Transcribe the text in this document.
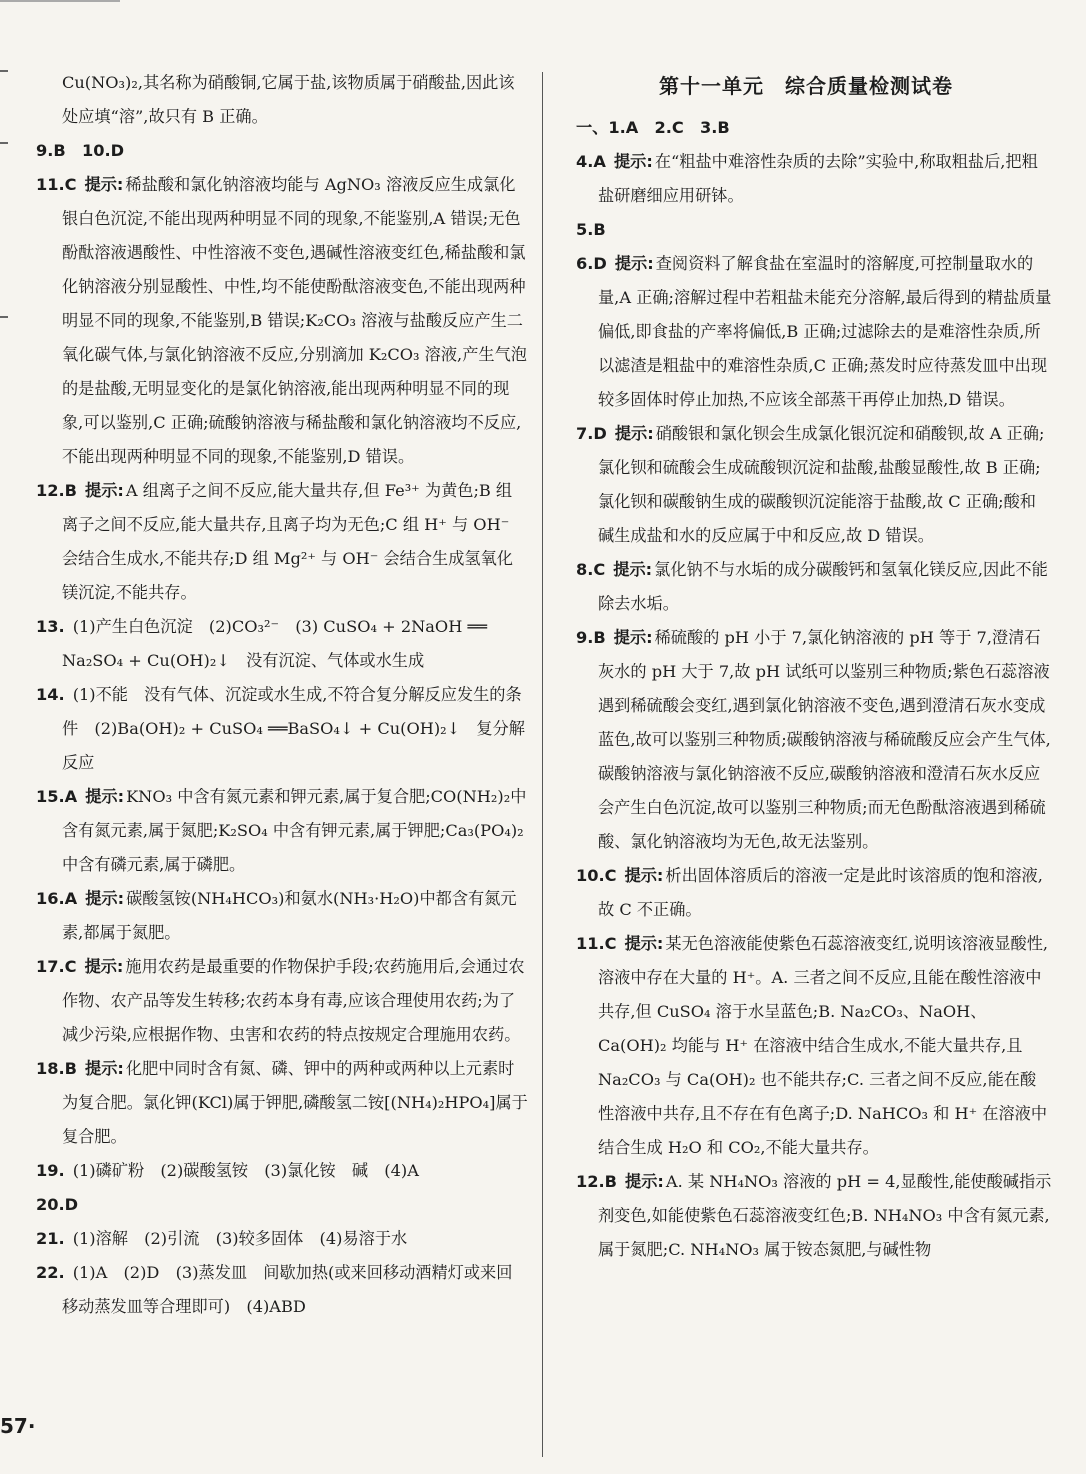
Cu(NO₃)₂,其名称为硝酸铜,它属于盐,该物质属于硝酸盐,因此该处应填“溶”,故只有 B 正确。

9.B　10.D

11.C 提示: 稀盐酸和氯化钠溶液均能与 AgNO₃ 溶液反应生成氯化银白色沉淀,不能出现两种明显不同的现象,不能鉴别,A 错误;无色酚酞溶液遇酸性、中性溶液不变色,遇碱性溶液变红色,稀盐酸和氯化钠溶液分别显酸性、中性,均不能使酚酞溶液变色,不能出现两种明显不同的现象,不能鉴别,B 错误;K₂CO₃ 溶液与盐酸反应产生二氧化碳气体,与氯化钠溶液不反应,分别滴加 K₂CO₃ 溶液,产生气泡的是盐酸,无明显变化的是氯化钠溶液,能出现两种明显不同的现象,可以鉴别,C 正确;硫酸钠溶液与稀盐酸和氯化钠溶液均不反应,不能出现两种明显不同的现象,不能鉴别,D 错误。

12.B 提示: A 组离子之间不反应,能大量共存,但 Fe³⁺ 为黄色;B 组离子之间不反应,能大量共存,且离子均为无色;C 组 H⁺ 与 OH⁻ 会结合生成水,不能共存;D 组 Mg²⁺ 与 OH⁻ 会结合生成氢氧化镁沉淀,不能共存。

13. (1)产生白色沉淀　(2)CO₃²⁻　(3) CuSO₄ + 2NaOH ══ Na₂SO₄ + Cu(OH)₂↓　没有沉淀、气体或水生成

14. (1)不能　没有气体、沉淀或水生成,不符合复分解反应发生的条件　(2)Ba(OH)₂ + CuSO₄ ══BaSO₄↓ + Cu(OH)₂↓　复分解反应

15.A 提示: KNO₃ 中含有氮元素和钾元素,属于复合肥;CO(NH₂)₂中含有氮元素,属于氮肥;K₂SO₄ 中含有钾元素,属于钾肥;Ca₃(PO₄)₂ 中含有磷元素,属于磷肥。

16.A 提示: 碳酸氢铵(NH₄HCO₃)和氨水(NH₃·H₂O)中都含有氮元素,都属于氮肥。

17.C 提示: 施用农药是最重要的作物保护手段;农药施用后,会通过农作物、农产品等发生转移;农药本身有毒,应该合理使用农药;为了减少污染,应根据作物、虫害和农药的特点按规定合理施用农药。

18.B 提示: 化肥中同时含有氮、磷、钾中的两种或两种以上元素时为复合肥。氯化钾(KCl)属于钾肥,磷酸氢二铵[(NH₄)₂HPO₄]属于复合肥。

19. (1)磷矿粉　(2)碳酸氢铵　(3)氯化铵　碱　(4)A

20.D

21. (1)溶解　(2)引流　(3)较多固体　(4)易溶于水

22. (1)A　(2)D　(3)蒸发皿　间歇加热(或来回移动酒精灯或来回移动蒸发皿等合理即可)　(4)ABD

第十一单元　综合质量检测试卷

一、1.A　2.C　3.B

4.A 提示: 在“粗盐中难溶性杂质的去除”实验中,称取粗盐后,把粗盐研磨细应用研钵。

5.B

6.D 提示: 查阅资料了解食盐在室温时的溶解度,可控制量取水的量,A 正确;溶解过程中若粗盐未能充分溶解,最后得到的精盐质量偏低,即食盐的产率将偏低,B 正确;过滤除去的是难溶性杂质,所以滤渣是粗盐中的难溶性杂质,C 正确;蒸发时应待蒸发皿中出现较多固体时停止加热,不应该全部蒸干再停止加热,D 错误。

7.D 提示: 硝酸银和氯化钡会生成氯化银沉淀和硝酸钡,故 A 正确;氯化钡和硫酸会生成硫酸钡沉淀和盐酸,盐酸显酸性,故 B 正确;氯化钡和碳酸钠生成的碳酸钡沉淀能溶于盐酸,故 C 正确;酸和碱生成盐和水的反应属于中和反应,故 D 错误。

8.C 提示: 氯化钠不与水垢的成分碳酸钙和氢氧化镁反应,因此不能除去水垢。

9.B 提示: 稀硫酸的 pH 小于 7,氯化钠溶液的 pH 等于 7,澄清石灰水的 pH 大于 7,故 pH 试纸可以鉴别三种物质;紫色石蕊溶液遇到稀硫酸会变红,遇到氯化钠溶液不变色,遇到澄清石灰水变成蓝色,故可以鉴别三种物质;碳酸钠溶液与稀硫酸反应会产生气体,碳酸钠溶液与氯化钠溶液不反应,碳酸钠溶液和澄清石灰水反应会产生白色沉淀,故可以鉴别三种物质;而无色酚酞溶液遇到稀硫酸、氯化钠溶液均为无色,故无法鉴别。

10.C 提示: 析出固体溶质后的溶液一定是此时该溶质的饱和溶液,故 C 不正确。

11.C 提示: 某无色溶液能使紫色石蕊溶液变红,说明该溶液显酸性,溶液中存在大量的 H⁺。A. 三者之间不反应,且能在酸性溶液中共存,但 CuSO₄ 溶于水呈蓝色;B. Na₂CO₃、NaOH、Ca(OH)₂ 均能与 H⁺ 在溶液中结合生成水,不能大量共存,且 Na₂CO₃ 与 Ca(OH)₂ 也不能共存;C. 三者之间不反应,能在酸性溶液中共存,且不存在有色离子;D. NaHCO₃ 和 H⁺ 在溶液中结合生成 H₂O 和 CO₂,不能大量共存。

12.B 提示: A. 某 NH₄NO₃ 溶液的 pH = 4,显酸性,能使酸碱指示剂变色,如能使紫色石蕊溶液变红色;B. NH₄NO₃ 中含有氮元素,属于氮肥;C. NH₄NO₃ 属于铵态氮肥,与碱性物

57·
